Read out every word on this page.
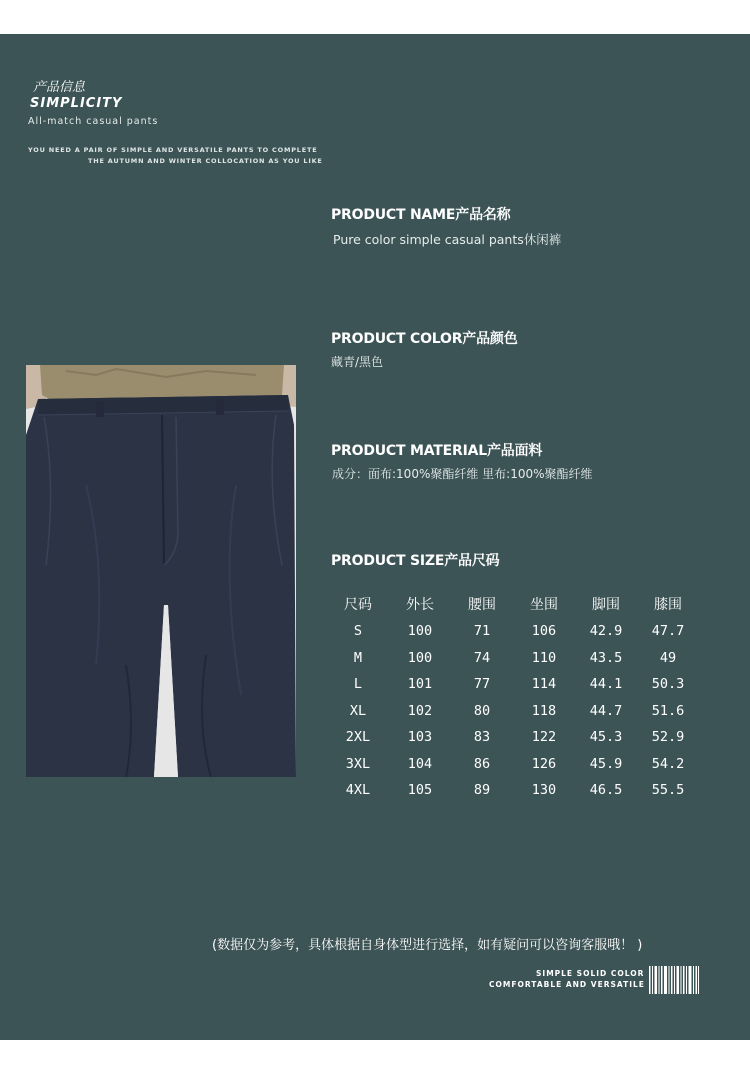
产品信息
SIMPLICITY
All-match casual pants
YOU NEED A PAIR OF SIMPLE AND VERSATILE PANTS TO COMPLETE
THE AUTUMN AND WINTER COLLOCATION AS YOU LIKE
PRODUCT NAME产品名称
Pure color simple casual pants休闲裤
PRODUCT COLOR产品颜色
藏青/黑色
PRODUCT MATERIAL产品面料
成分：面布:100%聚酯纤维 里布:100%聚酯纤维
PRODUCT SIZE产品尺码
尺码	外长	腰围	坐围	脚围	膝围
S	100	71	106	42.9	47.7
M	100	74	110	43.5	49
L	101	77	114	44.1	50.3
XL	102	80	118	44.7	51.6
2XL	103	83	122	45.3	52.9
3XL	104	86	126	45.9	54.2
4XL	105	89	130	46.5	55.5
(数据仅为参考，具体根据自身体型进行选择，如有疑问可以咨询客服哦！ )
SIMPLE SOLID COLOR
COMFORTABLE AND VERSATILE
